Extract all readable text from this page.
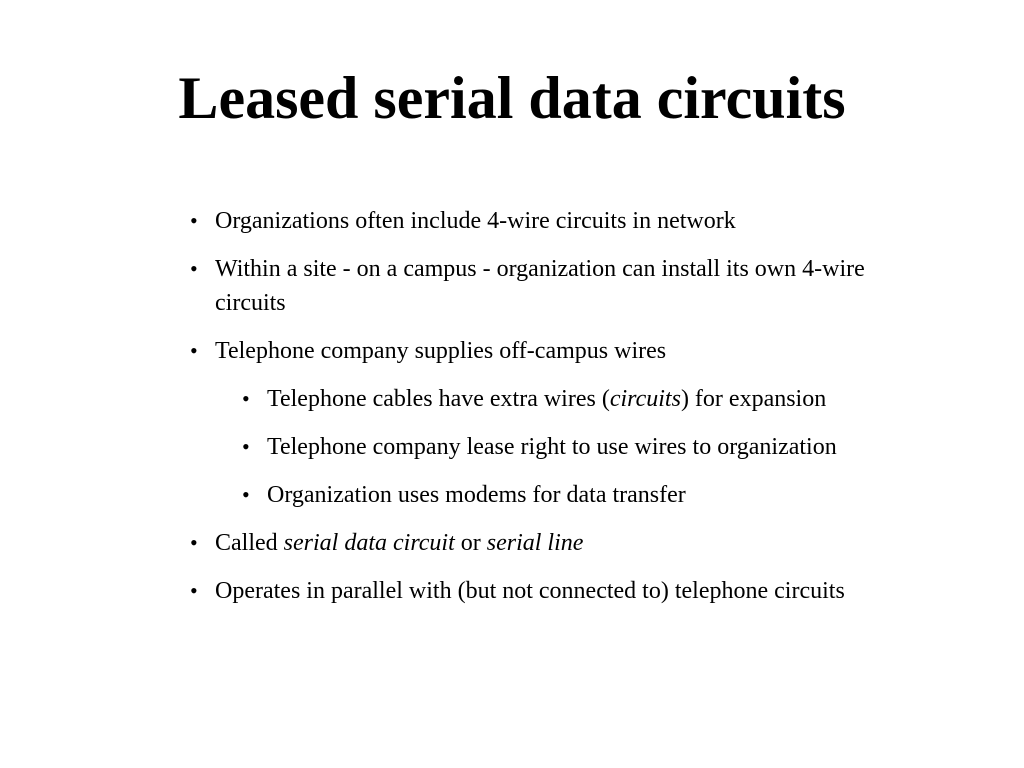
Leased serial data circuits
• Organizations often include 4-wire circuits in network
• Within a site - on a campus - organization can install its own 4-wire circuits
• Telephone company supplies off-campus wires
• Telephone cables have extra wires (circuits) for expansion
• Telephone company lease right to use wires to organization
• Organization uses modems for data transfer
• Called serial data circuit or serial line
• Operates in parallel with (but not connected to) telephone circuits
